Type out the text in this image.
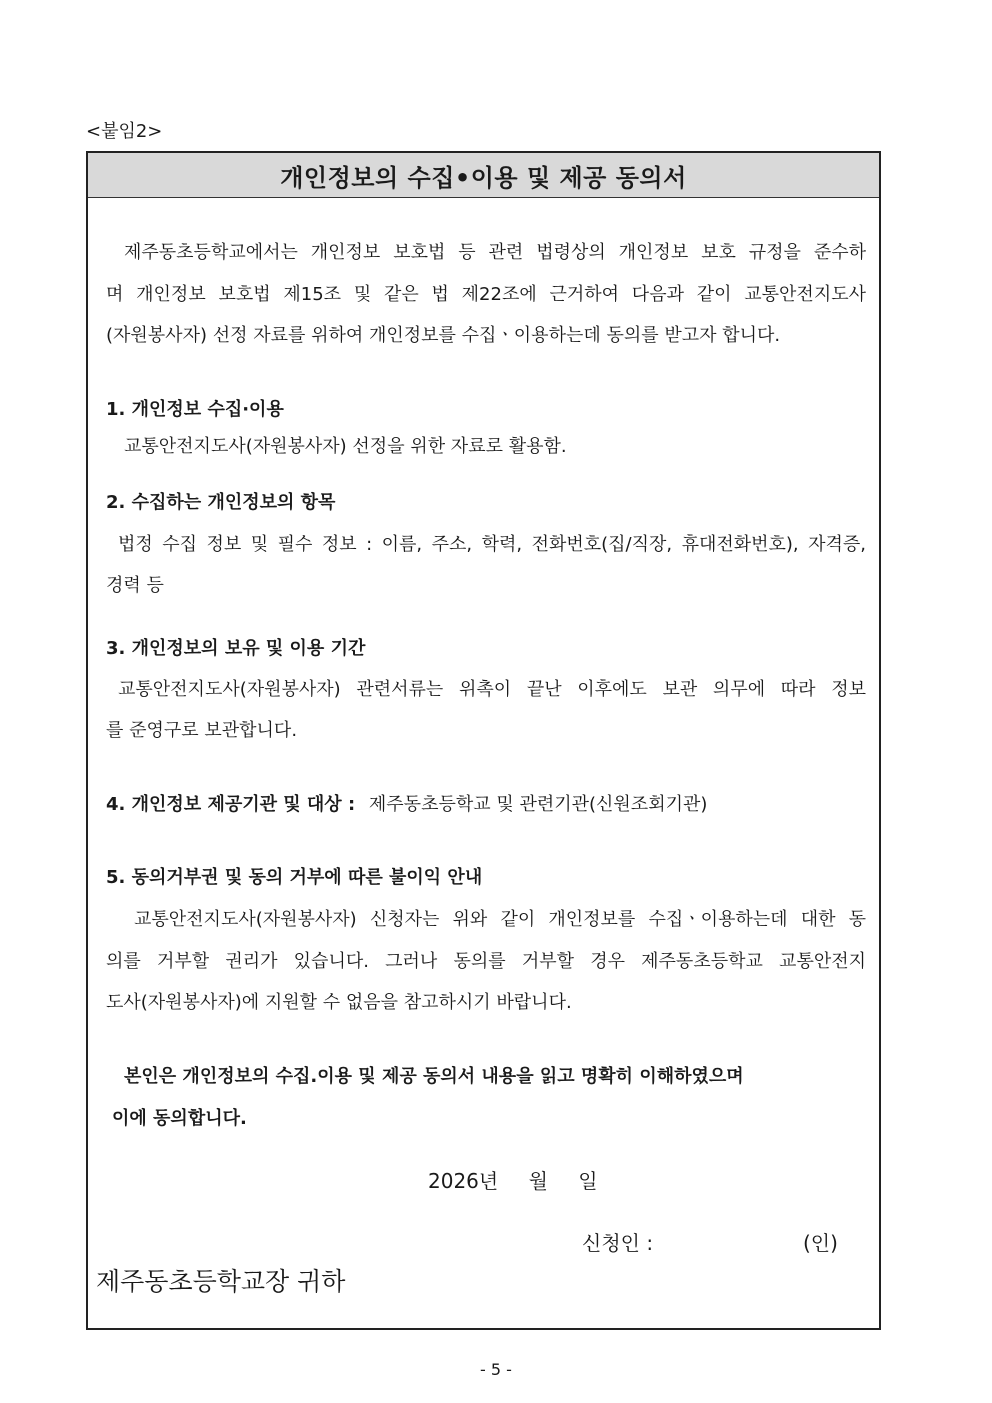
<붙임2>
개인정보의 수집•이용 및 제공 동의서
제주동초등학교에서는 개인정보 보호법 등 관련 법령상의 개인정보 보호 규정을 준수하
며 개인정보 보호법 제15조 및 같은 법 제22조에 근거하여 다음과 같이 교통안전지도사
(자원봉사자) 선정 자료를 위하여 개인정보를 수집ㆍ이용하는데 동의를 받고자 합니다.
1. 개인정보 수집·이용
교통안전지도사(자원봉사자) 선정을 위한 자료로 활용함.
2. 수집하는 개인정보의 항목
법정 수집 정보 및 필수 정보 : 이름, 주소, 학력, 전화번호(집/직장, 휴대전화번호), 자격증,
경력 등
3. 개인정보의 보유 및 이용 기간
교통안전지도사(자원봉사자) 관련서류는 위촉이 끝난 이후에도 보관 의무에 따라 정보
를 준영구로 보관합니다.
4. 개인정보 제공기관 및 대상 : 제주동초등학교 및 관련기관(신원조회기관)
5. 동의거부권 및 동의 거부에 따른 불이익 안내
교통안전지도사(자원봉사자) 신청자는 위와 같이 개인정보를 수집ㆍ이용하는데 대한 동
의를 거부할 권리가 있습니다. 그러나 동의를 거부할 경우 제주동초등학교 교통안전지
도사(자원봉사자)에 지원할 수 없음을 참고하시기 바랍니다.
본인은 개인정보의 수집.이용 및 제공 동의서 내용을 읽고 명확히 이해하였으며
이에 동의합니다.
2026년 월 일
신청인 :	(인)
제주동초등학교장 귀하
- 5 -
